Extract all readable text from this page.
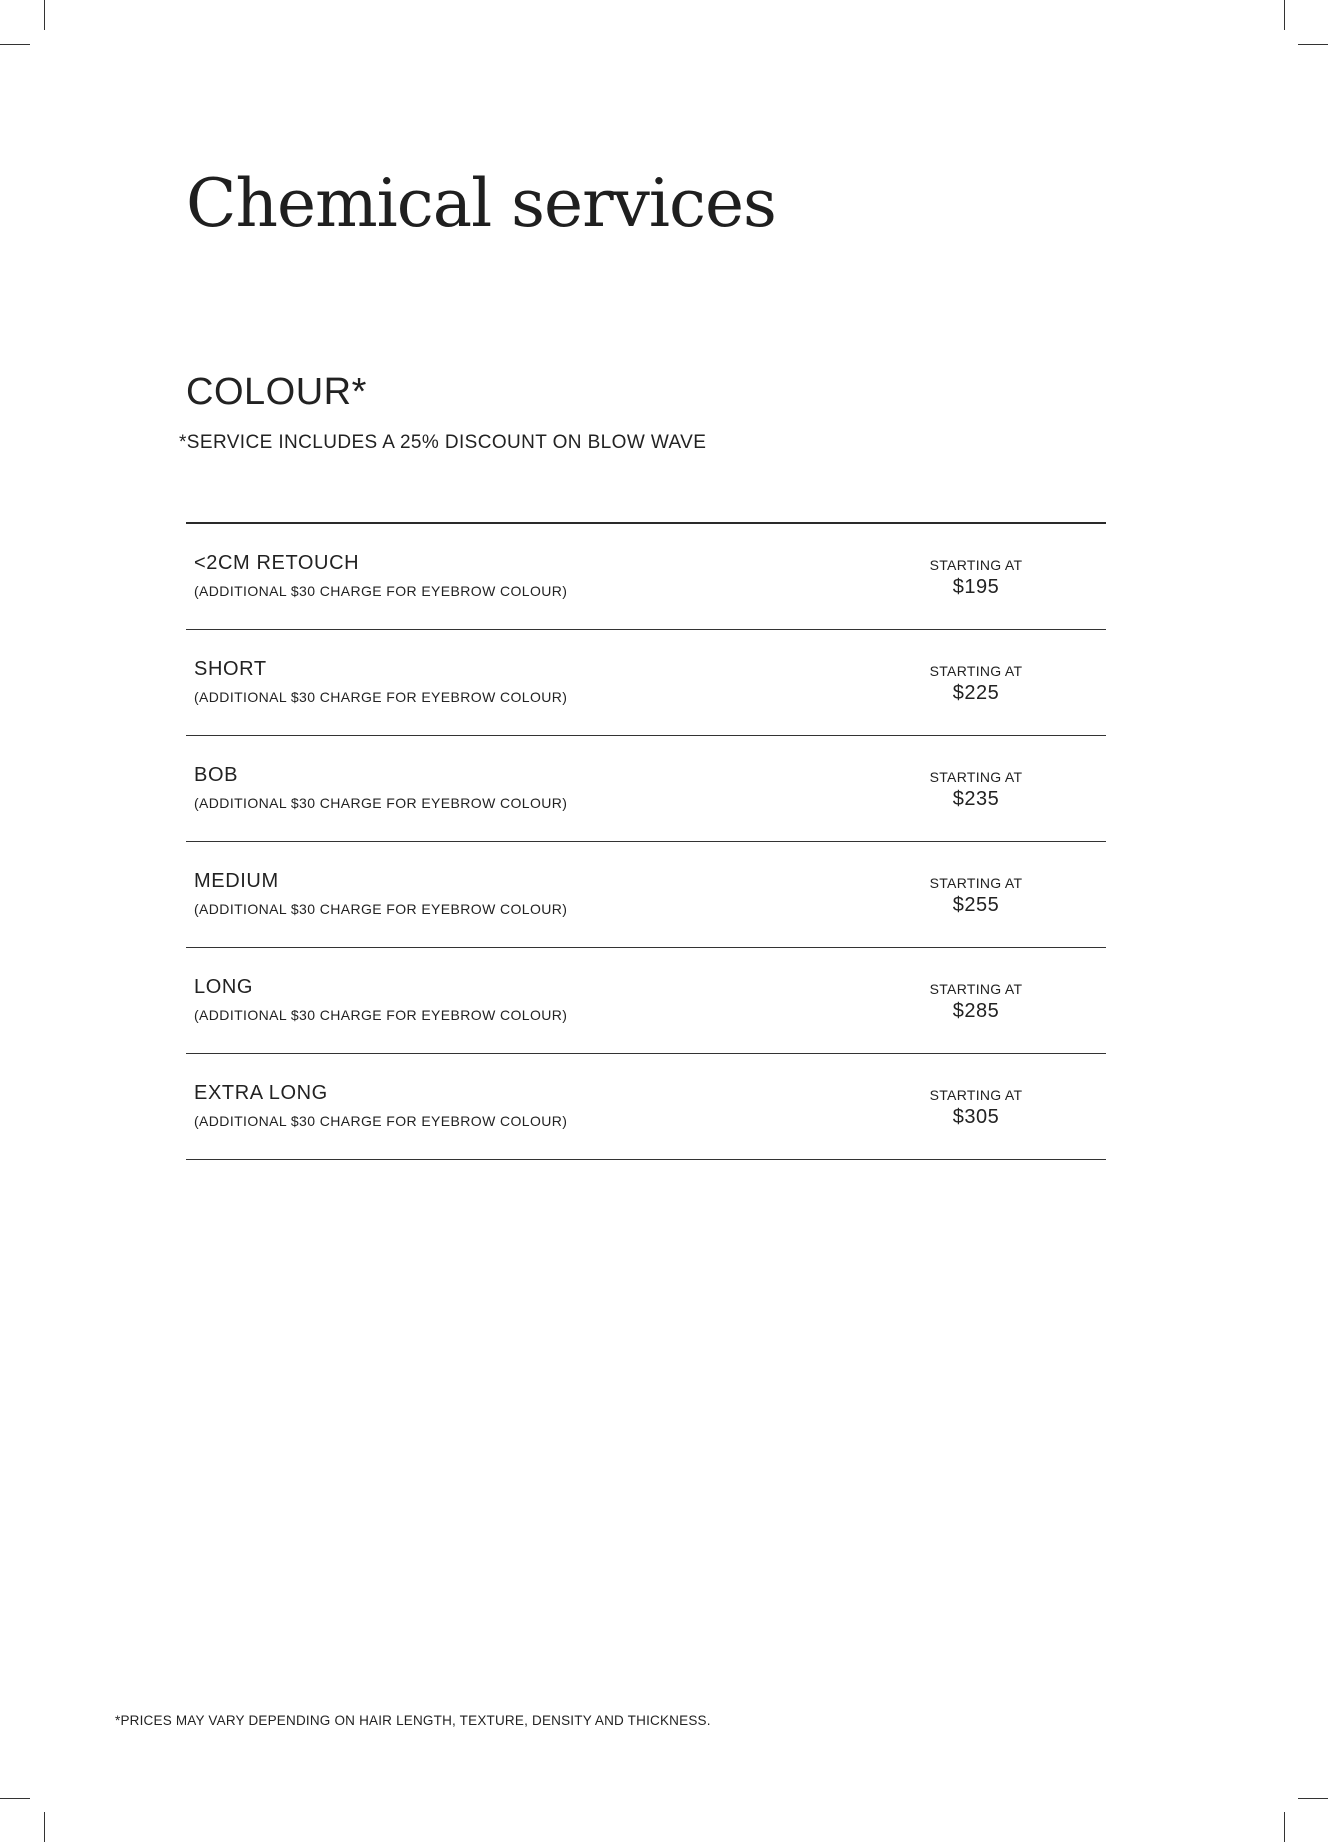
Chemical services
COLOUR*

*SERVICE INCLUDES A 25% DISCOUNT ON BLOW WAVE

<2CM RETOUCH
(ADDITIONAL $30 CHARGE FOR EYEBROW COLOUR)
STARTING AT
$195
SHORT
(ADDITIONAL $30 CHARGE FOR EYEBROW COLOUR)
STARTING AT
$225
BOB
(ADDITIONAL $30 CHARGE FOR EYEBROW COLOUR)
STARTING AT
$235
MEDIUM
(ADDITIONAL $30 CHARGE FOR EYEBROW COLOUR)
STARTING AT
$255
LONG
(ADDITIONAL $30 CHARGE FOR EYEBROW COLOUR)
STARTING AT
$285
EXTRA LONG
(ADDITIONAL $30 CHARGE FOR EYEBROW COLOUR)
STARTING AT
$305

*PRICES MAY VARY DEPENDING ON HAIR LENGTH, TEXTURE, DENSITY AND THICKNESS.
